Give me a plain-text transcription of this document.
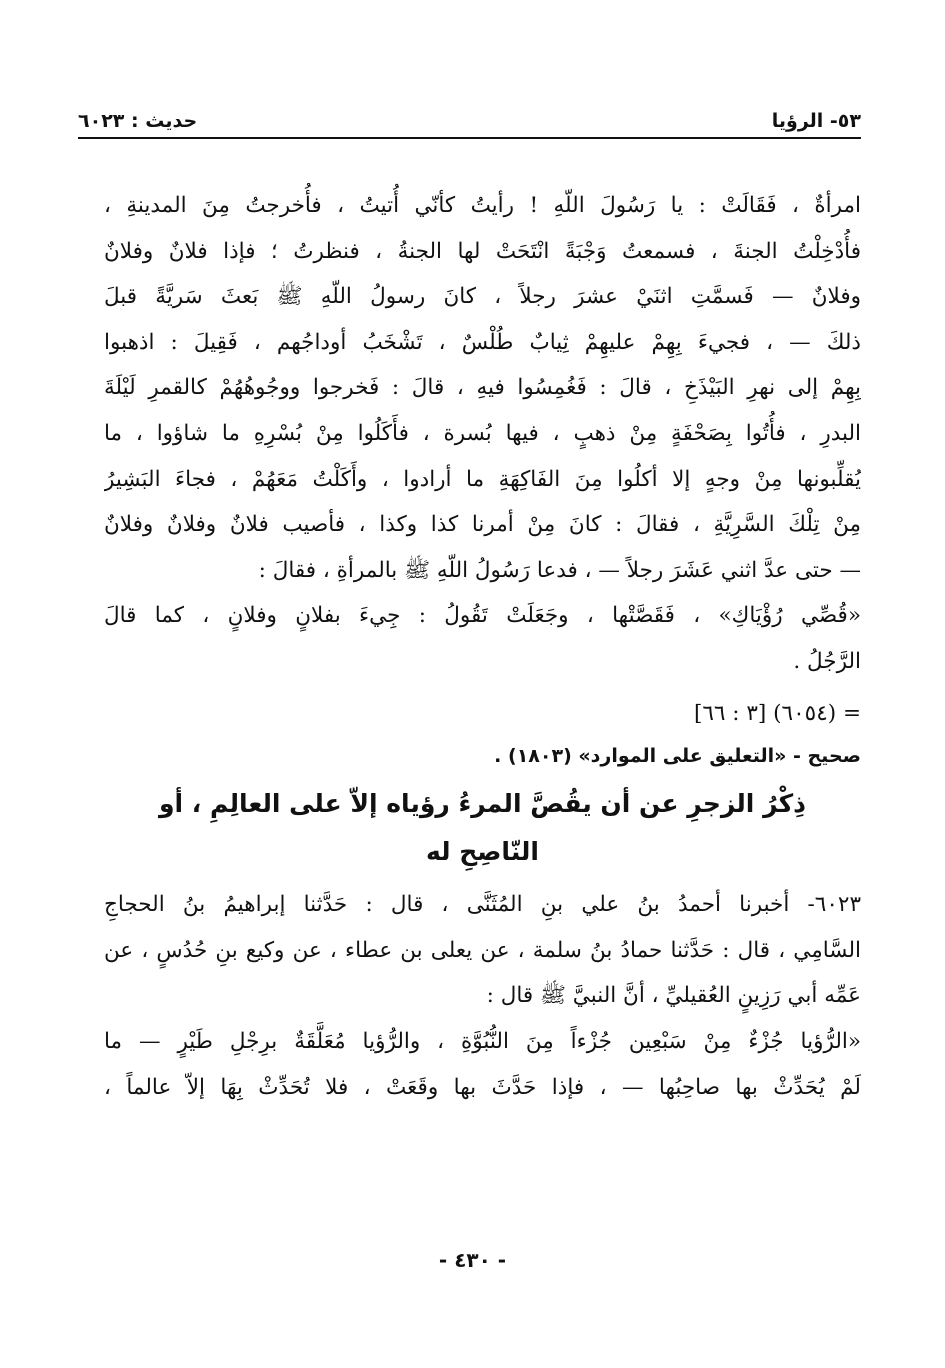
٥٣- الرؤيا
حديث : ٦٠٢٣
امرأةٌ ، فَقَالَتْ : يا رَسُولَ اللّهِ ! رأيتُ كأنّي أُتيتُ ، فأُخرجتُ مِنَ المدينةِ ،
فأُدْخِلْتُ الجنةَ ، فسمعتُ وَجْبَةً انْتَحَتْ لها الجنةُ ، فنظرتُ ؛ فإذا فلانٌ وفلانٌ
وفلانٌ — فَسمَّتِ اثنَيْ عشرَ رجلاً ، كانَ رسولُ اللّهِ ﷺ بَعثَ سَريَّةً قبلَ
ذلكَ — ، فجيءَ بِهِمْ عليهِمْ ثِيابٌ طُلْسٌ ، تَشْخَبُ أوداجُهم ، فَقِيلَ : اذهبوا
بِهِمْ إلى نهرِ البَيْذَخِ ، قالَ : فَغُمِسُوا فيهِ ، قالَ : فَخرجوا ووجُوهُهُمْ كالقمرِ لَيْلَةَ
البدرِ ، فأُتُوا بِصَحْفَةٍ مِنْ ذهبٍ ، فيها بُسرة ، فأَكَلُوا مِنْ بُسْرِهِ ما شاؤوا ، ما
يُقلِّبونها مِنْ وجهٍ إلا أكلُوا مِنَ الفَاكِهَةِ ما أرادوا ، وأَكَلْتُ مَعَهُمْ ، فجاءَ البَشِيرُ
مِنْ تِلْكَ السَّرِيَّةِ ، فقالَ : كانَ مِنْ أمرنا كذا وكذا ، فأصيب فلانٌ وفلانٌ وفلانٌ
— حتى عدَّ اثني عَشَرَ رجلاً — ، فدعا رَسُولُ اللّهِ ﷺ بالمرأةِ ، فقالَ :
«قُصِّي رُؤْيَاكِ» ، فَقَصَّتْها ، وجَعَلَتْ تَقُولُ : جِيءَ بفلانٍ وفلانٍ ، كما قالَ
الرَّجُلُ .
= (٦٠٥٤) [٣ : ٦٦]
صحيح - «التعليق على الموارد» (١٨٠٣) .
ذِكْرُ الزجرِ عن أن يقُصَّ المرءُ رؤياه إلاّ على العالِمِ ، أو
النّاصِحِ له
٦٠٢٣- أخبرنا أحمدُ بنُ علي بنِ المُثَنَّى ، قال : حَدَّثنا إبراهيمُ بنُ الحجاجِ
السَّامِي ، قال : حَدَّثنا حمادُ بنُ سلمة ، عن يعلى بن عطاء ، عن وكيع بنِ حُدُسٍ ، عن
عَمِّه أبي رَزِينٍ العُقيليِّ ، أنَّ النبيَّ ﷺ قال :
«الرُّؤيا جُزْءٌ مِنْ سَبْعِين جُزْءاً مِنَ النُّبُوَّةِ ، والرُّؤيا مُعَلَّقَةٌ برِجْلِ طَيْرٍ — ما
لَمْ يُحَدِّثْ بها صاحِبُها — ، فإذا حَدَّثَ بها وقَعَتْ ، فلا تُحَدِّثْ بِهَا إلاّ عالماً ،
- ٤٣٠ -
